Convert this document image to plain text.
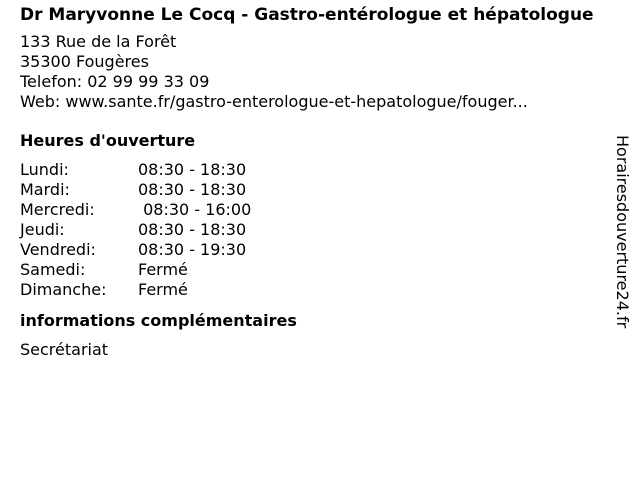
Dr Maryvonne Le Cocq - Gastro-entérologue et hépatologue
133 Rue de la Forêt
35300 Fougères
Telefon: 02 99 99 33 09
Web: www.sante.fr/gastro-enterologue-et-hepatologue/fouger...
Heures d'ouverture
Lundi:	08:30 - 18:30
Mardi:	08:30 - 18:30
Mercredi:	08:30 - 16:00
Jeudi:	08:30 - 18:30
Vendredi:	08:30 - 19:30
Samedi:	Fermé
Dimanche:	Fermé
informations complémentaires
Secrétariat
Horairesdouverture24.fr
